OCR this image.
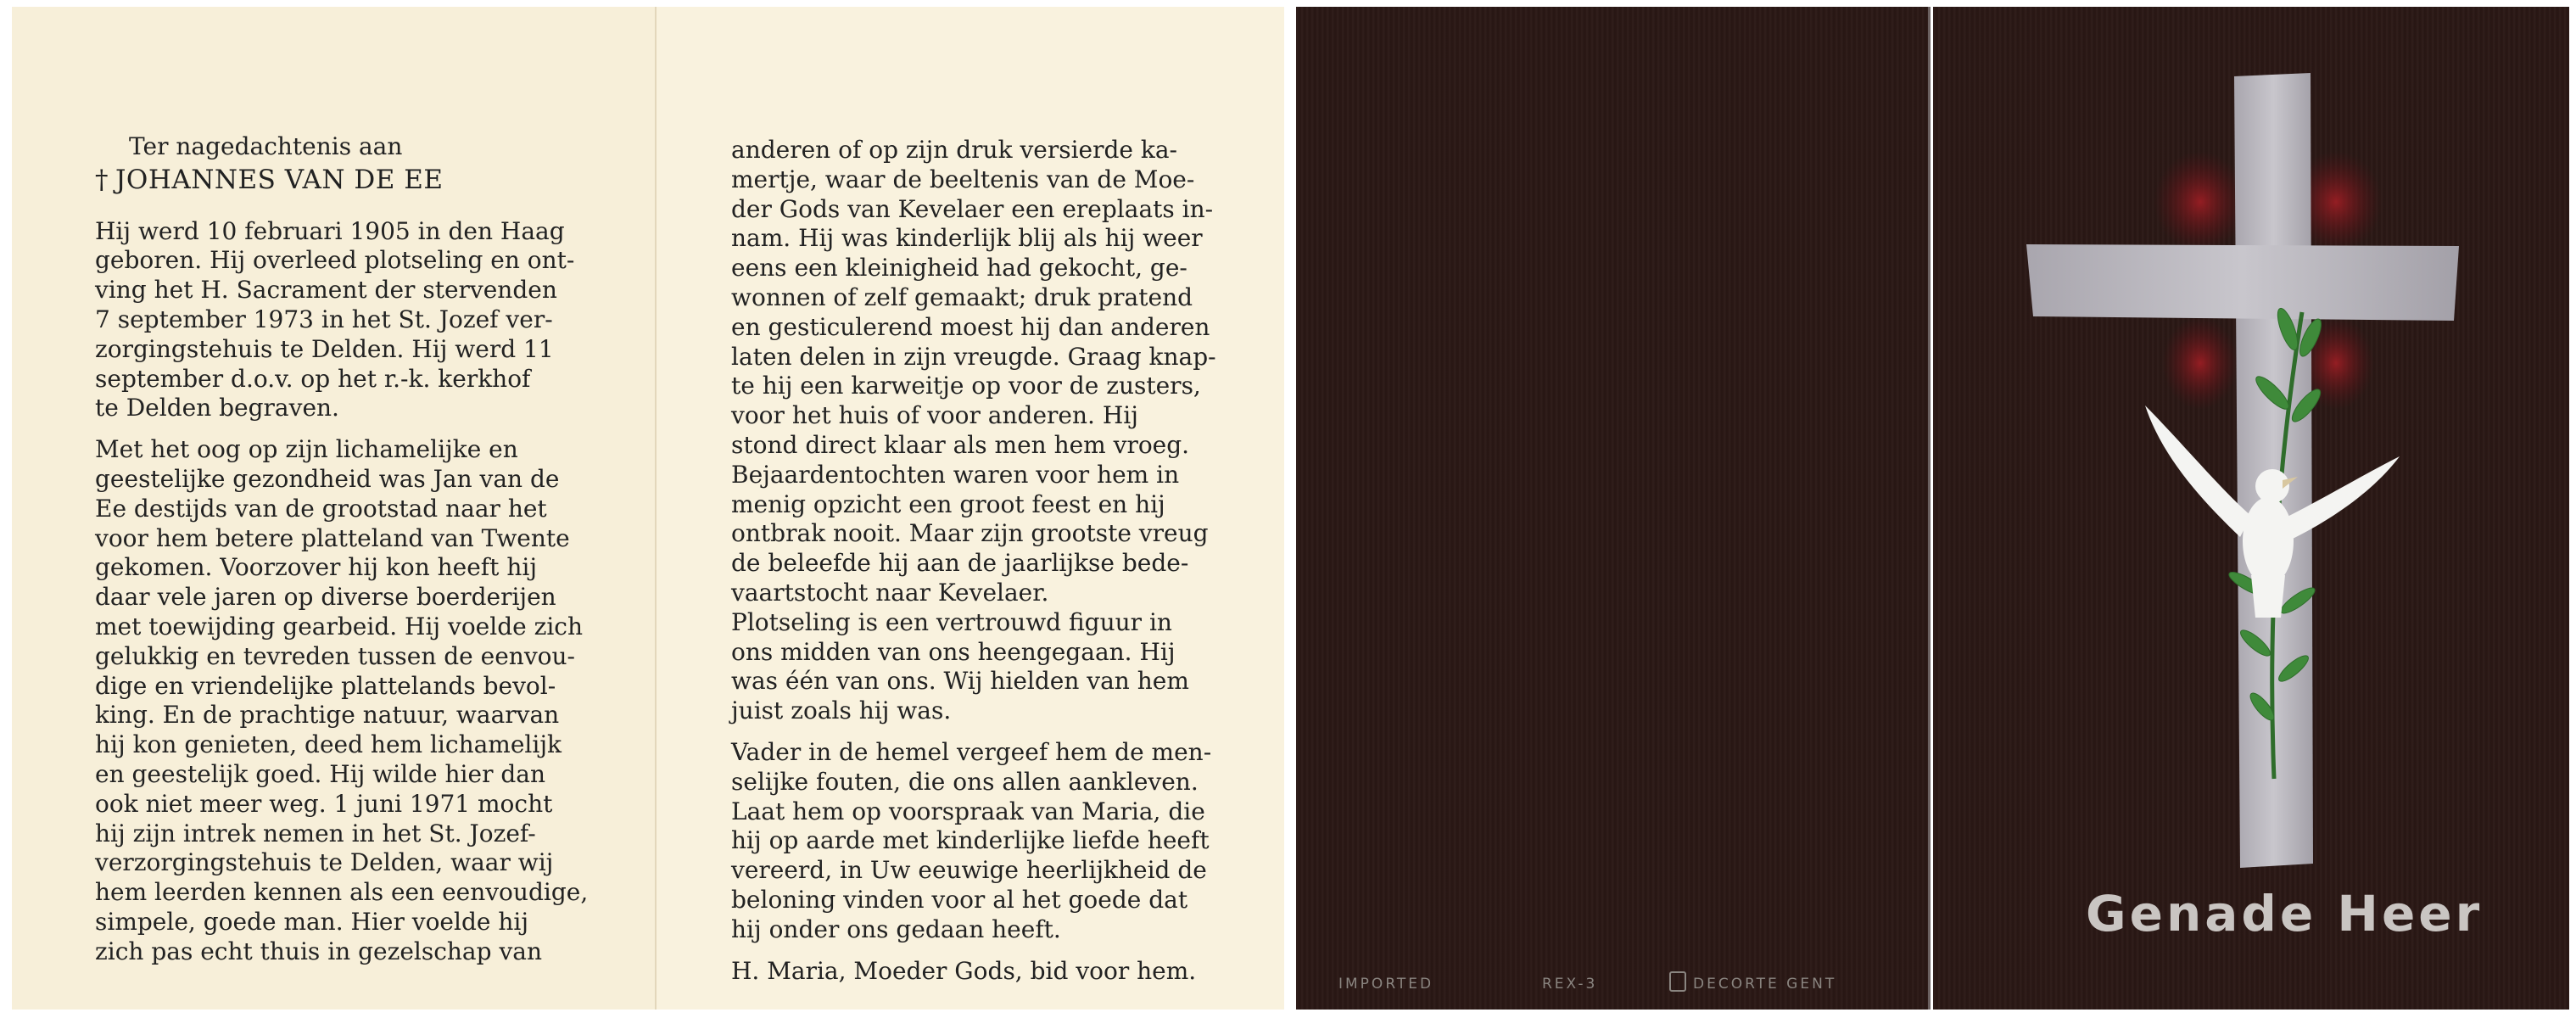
Ter nagedachtenis aan

† JOHANNES VAN DE EE

Hij werd 10 februari 1905 in den Haag
geboren. Hij overleed plotseling en ont-
ving het H. Sacrament der stervenden
7 september 1973 in het St. Jozef ver-
zorgingstehuis te Delden. Hij werd 11
september d.o.v. op het r.-k. kerkhof
te Delden begraven.

Met het oog op zijn lichamelijke en
geestelijke gezondheid was Jan van de
Ee destijds van de grootstad naar het
voor hem betere platteland van Twente
gekomen. Voorzover hij kon heeft hij
daar vele jaren op diverse boerderijen
met toewijding gearbeid. Hij voelde zich
gelukkig en tevreden tussen de eenvou-
dige en vriendelijke plattelands bevol-
king. En de prachtige natuur, waarvan
hij kon genieten, deed hem lichamelijk
en geestelijk goed. Hij wilde hier dan
ook niet meer weg. 1 juni 1971 mocht
hij zijn intrek nemen in het St. Jozef-
verzorgingstehuis te Delden, waar wij
hem leerden kennen als een eenvoudige,
simpele, goede man. Hier voelde hij
zich pas echt thuis in gezelschap van

anderen of op zijn druk versierde ka-
mertje, waar de beeltenis van de Moe-
der Gods van Kevelaer een ereplaats in-
nam. Hij was kinderlijk blij als hij weer
eens een kleinigheid had gekocht, ge-
wonnen of zelf gemaakt; druk pratend
en gesticulerend moest hij dan anderen
laten delen in zijn vreugde. Graag knap-
te hij een karweitje op voor de zusters,
voor het huis of voor anderen. Hij
stond direct klaar als men hem vroeg.
Bejaardentochten waren voor hem in
menig opzicht een groot feest en hij
ontbrak nooit. Maar zijn grootste vreug
de beleefde hij aan de jaarlijkse bede-
vaartstocht naar Kevelaer.
Plotseling is een vertrouwd figuur in
ons midden van ons heengegaan. Hij
was één van ons. Wij hielden van hem
juist zoals hij was.

Vader in de hemel vergeef hem de men-
selijke fouten, die ons allen aankleven.
Laat hem op voorspraak van Maria, die
hij op aarde met kinderlijke liefde heeft
vereerd, in Uw eeuwige heerlijkheid de
beloning vinden voor al het goede dat
hij onder ons gedaan heeft.

H. Maria, Moeder Gods, bid voor hem.	IMPORTED	REX-3	DECORTE GENT
Genade Heer
